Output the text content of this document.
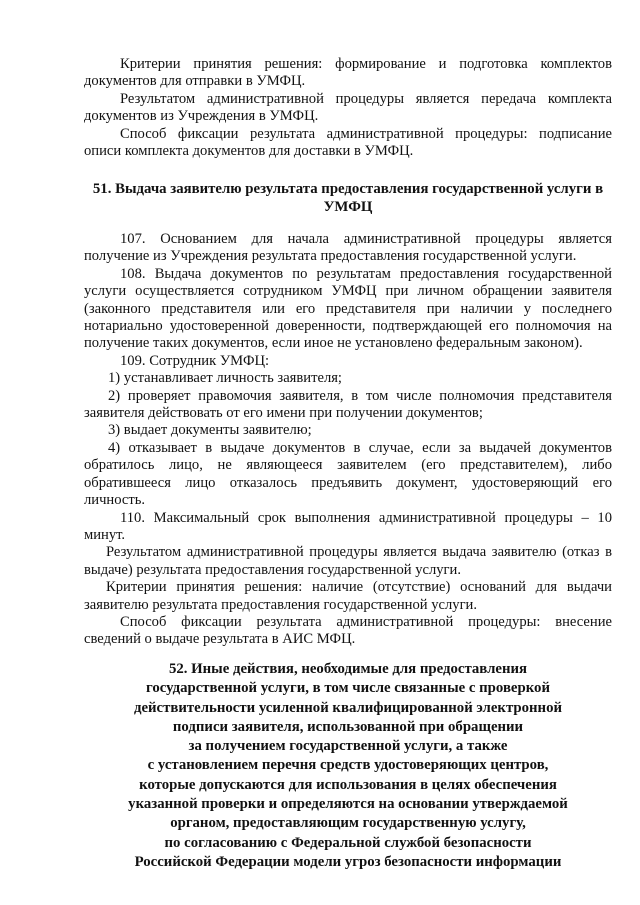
Критерии принятия решения: формирование и подготовка комплектов документов для отправки в УМФЦ.

Результатом административной процедуры является передача комплекта документов из Учреждения в УМФЦ.

Способ фиксации результата административной процедуры: подписание описи комплекта документов для доставки в УМФЦ.

51. Выдача заявителю результата предоставления государственной услуги в УМФЦ

107. Основанием для начала административной процедуры является получение из Учреждения результата предоставления государственной услуги.

108. Выдача документов по результатам предоставления государственной услуги осуществляется сотрудником УМФЦ при личном обращении заявителя (законного представителя или его представителя при наличии у последнего нотариально удостоверенной доверенности, подтверждающей его полномочия на получение таких документов, если иное не установлено федеральным законом).

109. Сотрудник УМФЦ:

1) устанавливает личность заявителя;

2) проверяет правомочия заявителя, в том числе полномочия представителя заявителя действовать от его имени при получении документов;

3) выдает документы заявителю;

4) отказывает в выдаче документов в случае, если за выдачей документов обратилось лицо, не являющееся заявителем (его представителем), либо обратившееся лицо отказалось предъявить документ, удостоверяющий его личность.

110. Максимальный срок выполнения административной процедуры – 10 минут.

Результатом административной процедуры является выдача заявителю (отказ в выдаче) результата предоставления государственной услуги.

Критерии принятия решения: наличие (отсутствие) оснований для выдачи заявителю результата предоставления государственной услуги.

Способ фиксации результата административной процедуры: внесение сведений о выдаче результата в АИС МФЦ.

52. Иные действия, необходимые для предоставления
государственной услуги, в том числе связанные с проверкой
действительности усиленной квалифицированной электронной
подписи заявителя, использованной при обращении
за получением государственной услуги, а также
с установлением перечня средств удостоверяющих центров,
которые допускаются для использования в целях обеспечения
указанной проверки и определяются на основании утверждаемой
органом, предоставляющим государственную услугу,
по согласованию с Федеральной службой безопасности
Российской Федерации модели угроз безопасности информации
